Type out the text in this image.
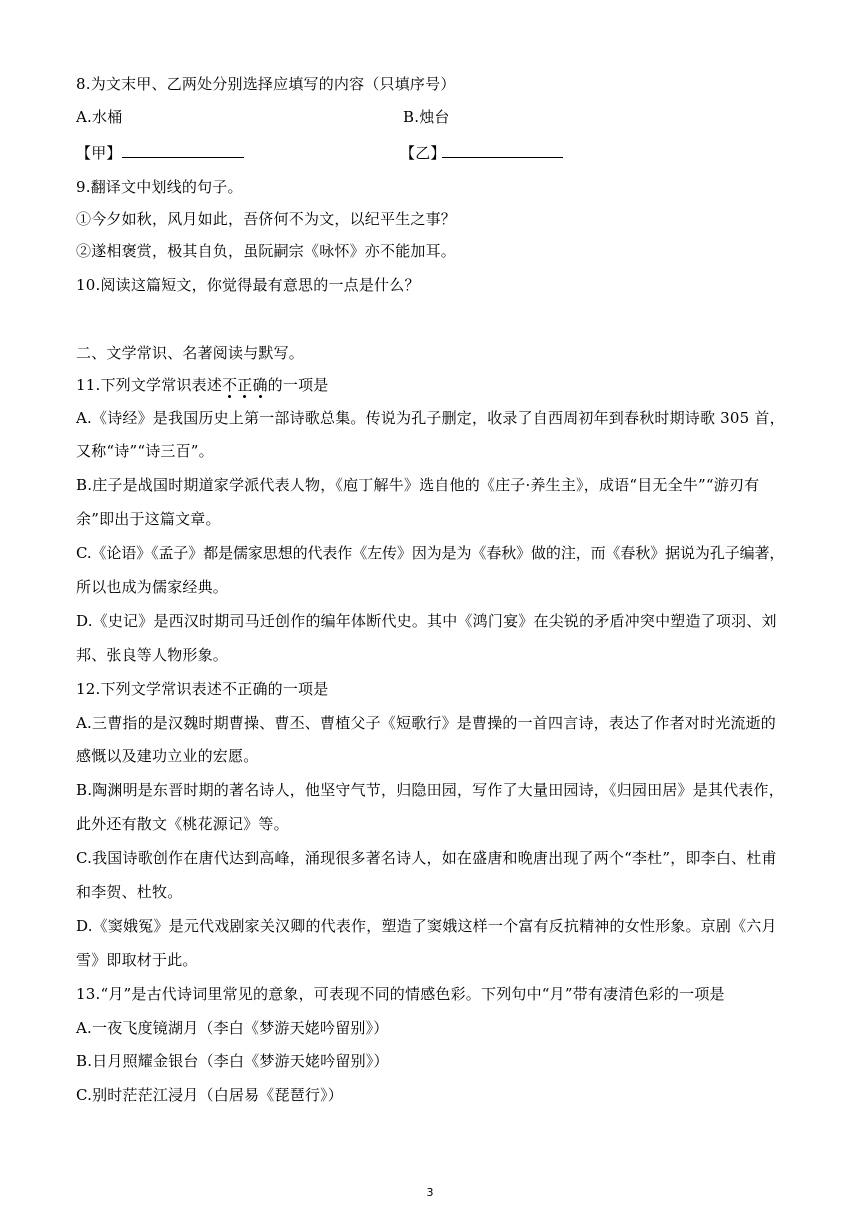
8.为文末甲、乙两处分别选择应填写的内容（只填序号）
A.水桶	B.烛台
【甲】	【乙】
9.翻译文中划线的句子。
①今夕如秋，风月如此，吾侪何不为文，以纪平生之事？
②遂相褒赏，极其自负，虽阮嗣宗《咏怀》亦不能加耳。
10.阅读这篇短文，你觉得最有意思的一点是什么？
二、文学常识、名著阅读与默写。
11.下列文学常识表述不正确的一项是
A.《诗经》是我国历史上第一部诗歌总集。传说为孔子删定，收录了自西周初年到春秋时期诗歌 305 首，
又称“诗”“诗三百”。
B.庄子是战国时期道家学派代表人物，《庖丁解牛》选自他的《庄子·养生主》，成语“目无全牛”“游刃有
余”即出于这篇文章。
C.《论语》《孟子》都是儒家思想的代表作《左传》因为是为《春秋》做的注，而《春秋》据说为孔子编著，
所以也成为儒家经典。
D.《史记》是西汉时期司马迁创作的编年体断代史。其中《鸿门宴》在尖锐的矛盾冲突中塑造了项羽、刘
邦、张良等人物形象。
12.下列文学常识表述不正确的一项是
A.三曹指的是汉魏时期曹操、曹丕、曹植父子《短歌行》是曹操的一首四言诗，表达了作者对时光流逝的
感慨以及建功立业的宏愿。
B.陶渊明是东晋时期的著名诗人，他坚守气节，归隐田园，写作了大量田园诗，《归园田居》是其代表作，
此外还有散文《桃花源记》等。
C.我国诗歌创作在唐代达到高峰，涌现很多著名诗人，如在盛唐和晚唐出现了两个“李杜”，即李白、杜甫
和李贺、杜牧。
D.《窦娥冤》是元代戏剧家关汉卿的代表作，塑造了窦娥这样一个富有反抗精神的女性形象。京剧《六月
雪》即取材于此。
13.“月”是古代诗词里常见的意象，可表现不同的情感色彩。下列句中“月”带有凄清色彩的一项是
A.一夜飞度镜湖月（李白《梦游天姥吟留别》）
B.日月照耀金银台（李白《梦游天姥吟留别》）
C.别时茫茫江浸月（白居易《琵琶行》）
3
